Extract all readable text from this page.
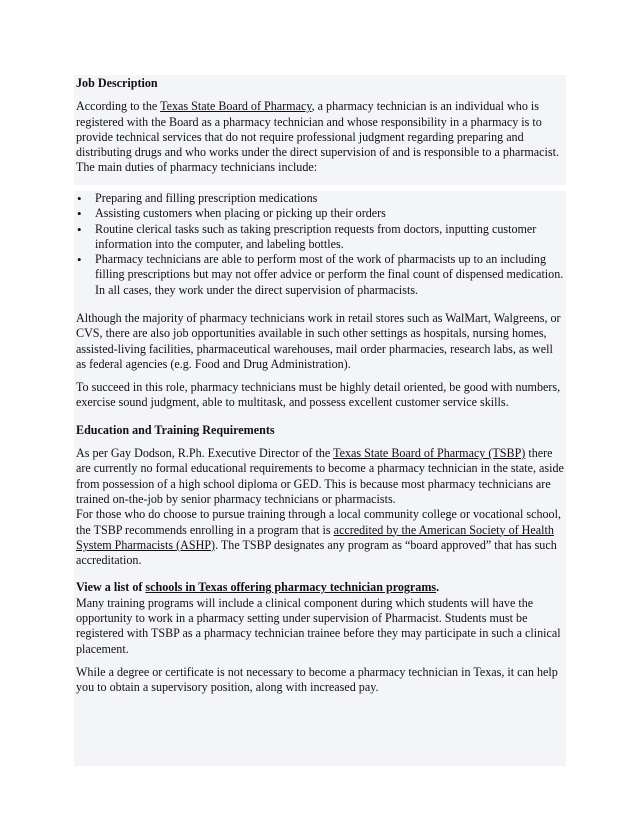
Job Description

According to the Texas State Board of Pharmacy, a pharmacy technician is an individual who is registered with the Board as a pharmacy technician and whose responsibility in a pharmacy is to provide technical services that do not require professional judgment regarding preparing and distributing drugs and who works under the direct supervision of and is responsible to a pharmacist.

The main duties of pharmacy technicians include:

• Preparing and filling prescription medications
• Assisting customers when placing or picking up their orders
• Routine clerical tasks such as taking prescription requests from doctors, inputting customer information into the computer, and labeling bottles.
• Pharmacy technicians are able to perform most of the work of pharmacists up to an including filling prescriptions but may not offer advice or perform the final count of dispensed medication. In all cases, they work under the direct supervision of pharmacists.

Although the majority of pharmacy technicians work in retail stores such as WalMart, Walgreens, or CVS, there are also job opportunities available in such other settings as hospitals, nursing homes, assisted-living facilities, pharmaceutical warehouses, mail order pharmacies, research labs, as well as federal agencies (e.g. Food and Drug Administration).

To succeed in this role, pharmacy technicians must be highly detail oriented, be good with numbers, exercise sound judgment, able to multitask, and possess excellent customer service skills.

Education and Training Requirements

As per Gay Dodson, R.Ph. Executive Director of the Texas State Board of Pharmacy (TSBP) there are currently no formal educational requirements to become a pharmacy technician in the state, aside from possession of a high school diploma or GED. This is because most pharmacy technicians are trained on-the-job by senior pharmacy technicians or pharmacists.

For those who do choose to pursue training through a local community college or vocational school, the TSBP recommends enrolling in a program that is accredited by the American Society of Health System Pharmacists (ASHP). The TSBP designates any program as “board approved” that has such accreditation.

View a list of schools in Texas offering pharmacy technician programs.

Many training programs will include a clinical component during which students will have the opportunity to work in a pharmacy setting under supervision of Pharmacist. Students must be registered with TSBP as a pharmacy technician trainee before they may participate in such a clinical placement.

While a degree or certificate is not necessary to become a pharmacy technician in Texas, it can help you to obtain a supervisory position, along with increased pay.
